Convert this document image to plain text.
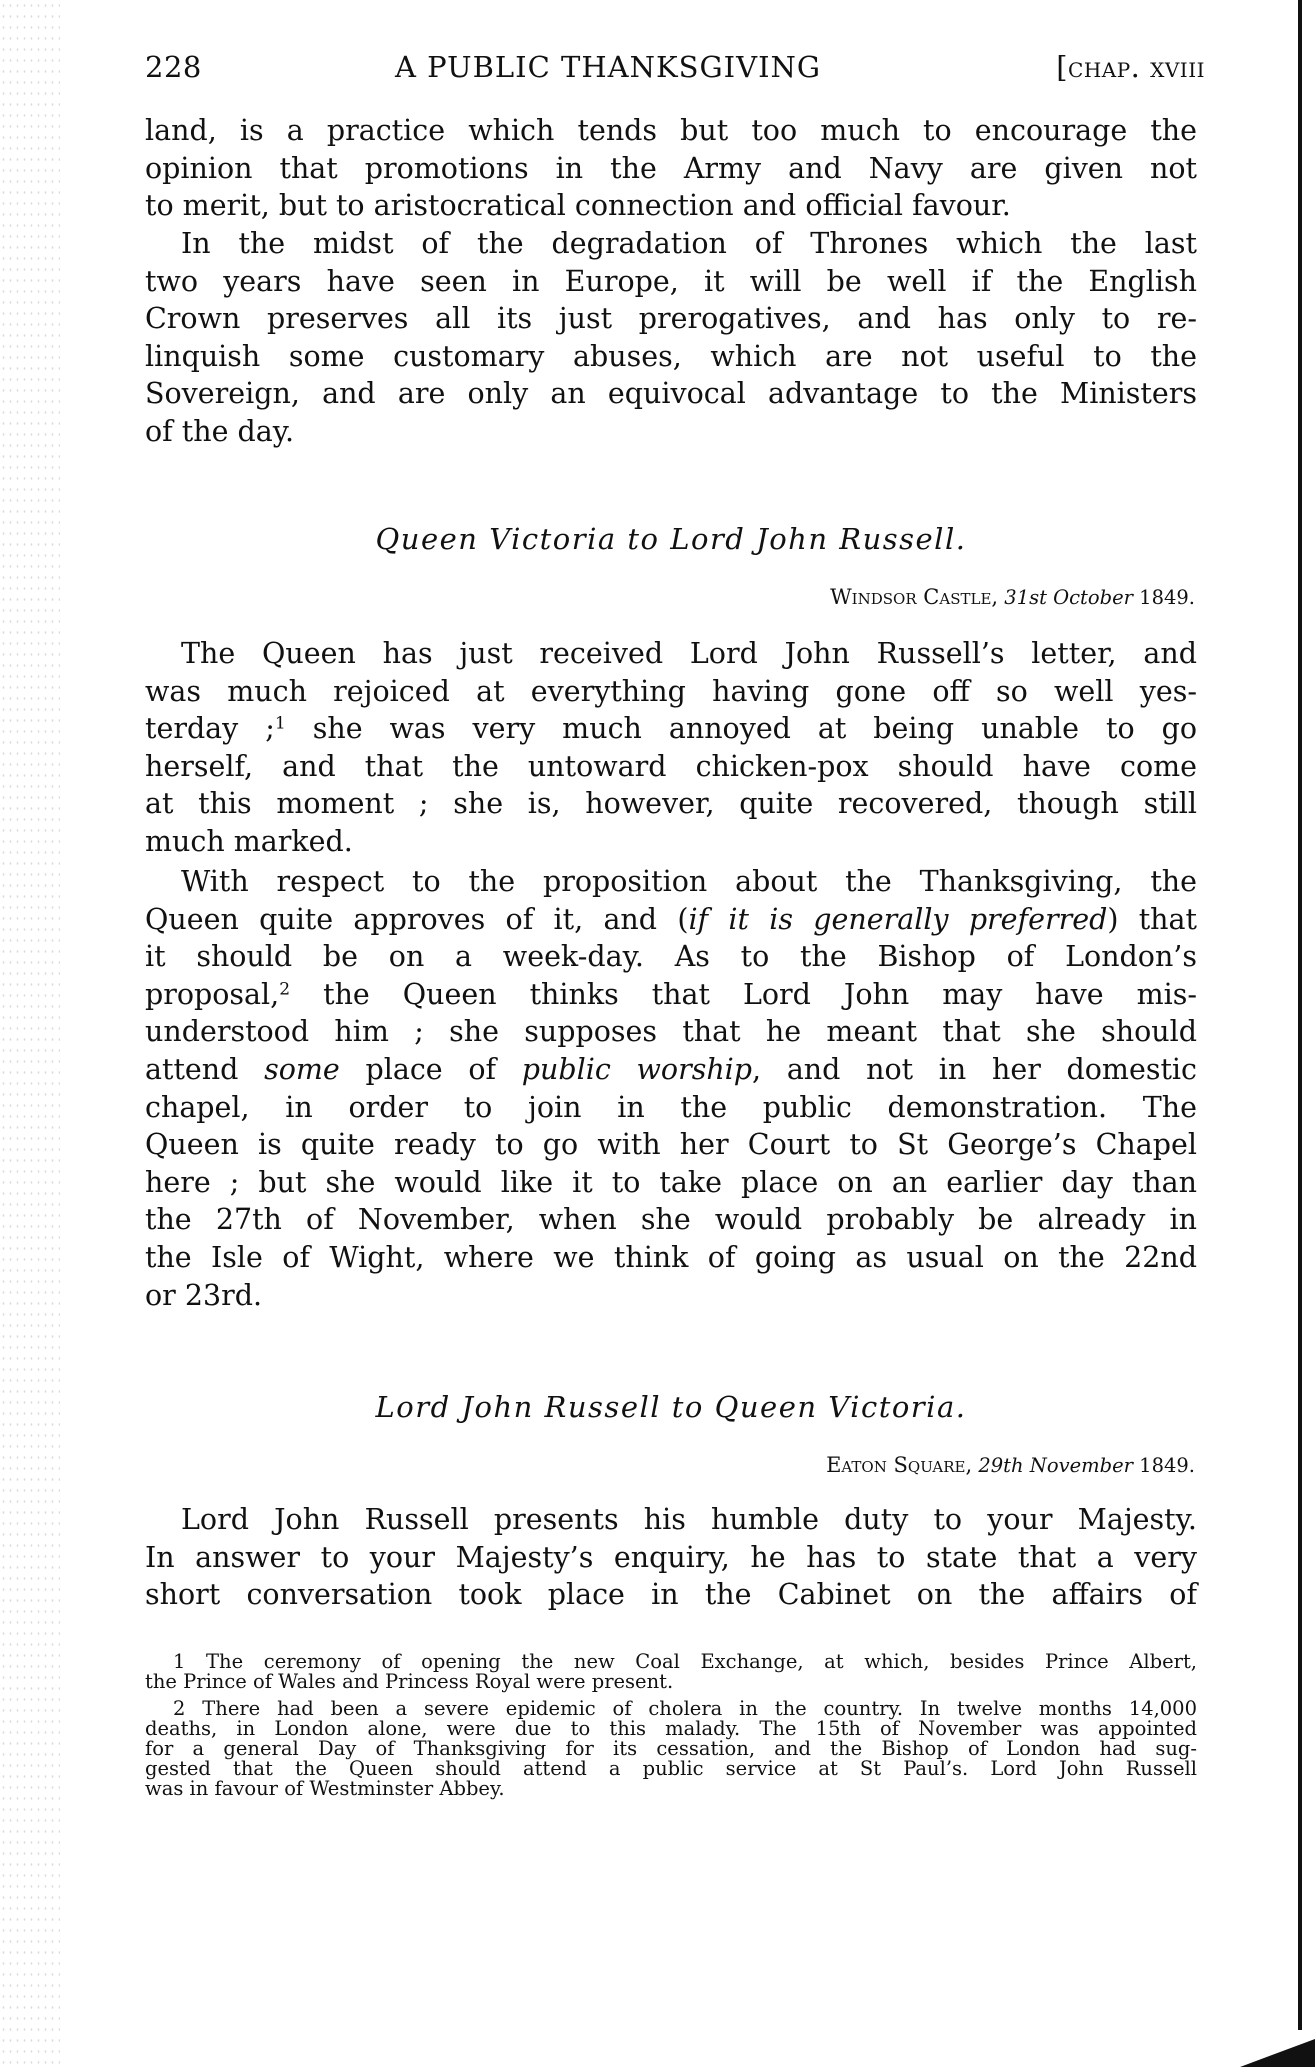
228	A PUBLIC THANKSGIVING	[chap. xviii
land, is a practice which tends but too much to encourage the
opinion that promotions in the Army and Navy are given not
to merit, but to aristocratical connection and official favour.
In the midst of the degradation of Thrones which the last
two years have seen in Europe, it will be well if the English
Crown preserves all its just prerogatives, and has only to re-
linquish some customary abuses, which are not useful to the
Sovereign, and are only an equivocal advantage to the Ministers
of the day.
Queen Victoria to Lord John Russell.
Windsor Castle, 31st October 1849.
The Queen has just received Lord John Russell’s letter, and
was much rejoiced at everything having gone off so well yes-
terday ;$^1$ she was very much annoyed at being unable to go
herself, and that the untoward chicken-pox should have come
at this moment ; she is, however, quite recovered, though still
much marked.
With respect to the proposition about the Thanksgiving, the
Queen quite approves of it, and (if it is generally preferred) that
it should be on a week-day. As to the Bishop of London’s
proposal,$^2$ the Queen thinks that Lord John may have mis-
understood him ; she supposes that he meant that she should
attend some place of public worship, and not in her domestic
chapel, in order to join in the public demonstration. The
Queen is quite ready to go with her Court to St George’s Chapel
here ; but she would like it to take place on an earlier day than
the 27th of November, when she would probably be already in
the Isle of Wight, where we think of going as usual on the 22nd
or 23rd.
Lord John Russell to Queen Victoria.
Eaton Square, 29th November 1849.
Lord John Russell presents his humble duty to your Majesty.
In answer to your Majesty’s enquiry, he has to state that a very
short conversation took place in the Cabinet on the affairs of
1 The ceremony of opening the new Coal Exchange, at which, besides Prince Albert,
the Prince of Wales and Princess Royal were present.
2 There had been a severe epidemic of cholera in the country. In twelve months 14,000
deaths, in London alone, were due to this malady. The 15th of November was appointed
for a general Day of Thanksgiving for its cessation, and the Bishop of London had sug-
gested that the Queen should attend a public service at St Paul’s. Lord John Russell
was in favour of Westminster Abbey.
